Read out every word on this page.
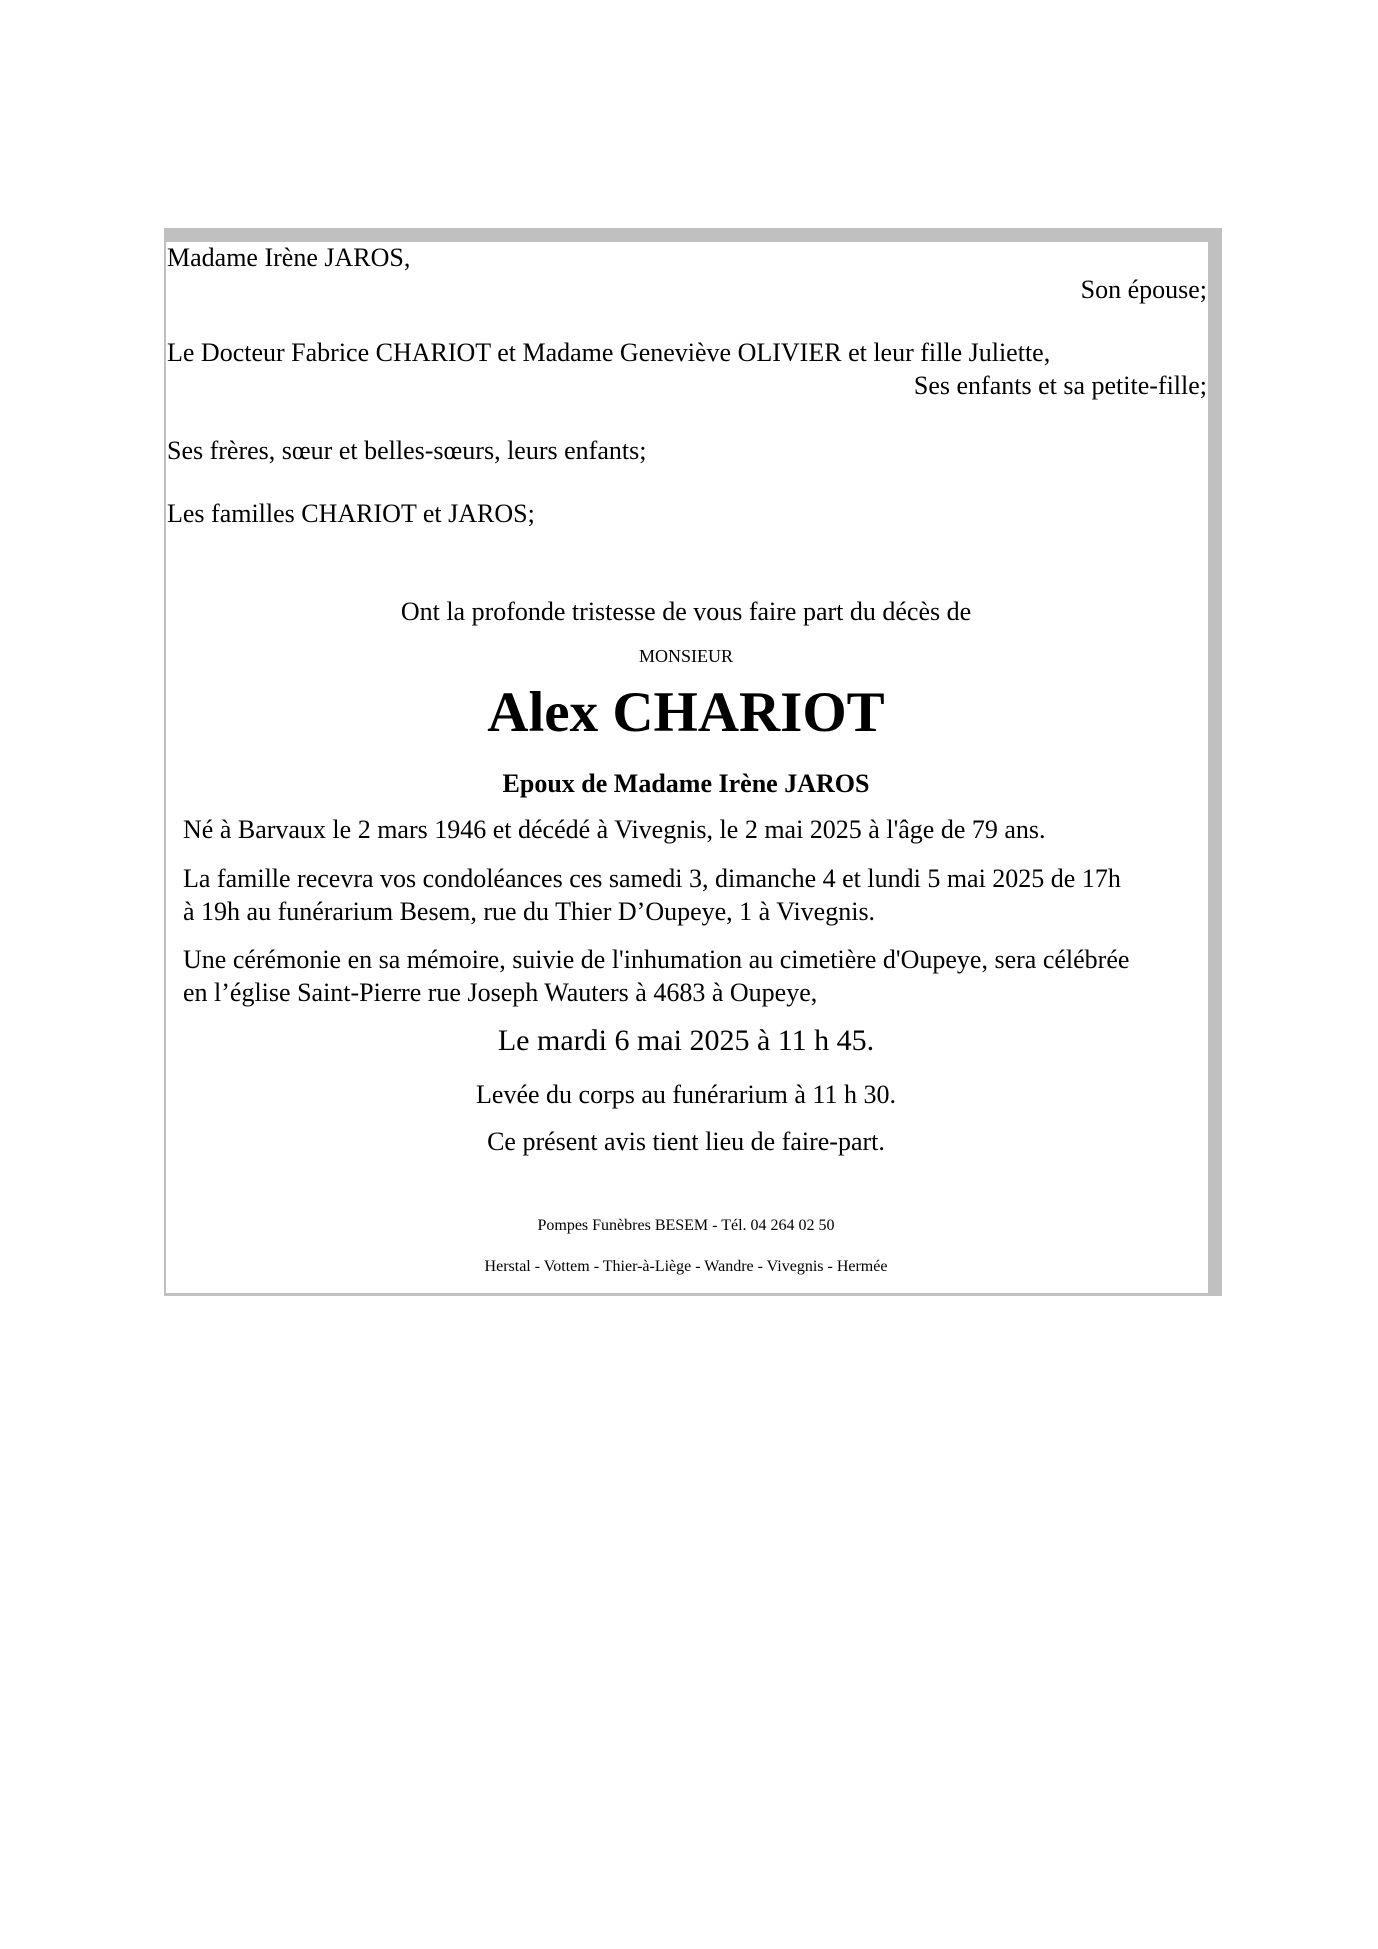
Madame Irène JAROS,
Son épouse;
Le Docteur Fabrice CHARIOT et Madame Geneviève OLIVIER et leur fille Juliette,
Ses enfants et sa petite-fille;
Ses frères, sœur et belles-sœurs, leurs enfants;
Les familles CHARIOT et JAROS;
Ont la profonde tristesse de vous faire part du décès de
MONSIEUR
Alex CHARIOT
Epoux de Madame Irène JAROS
Né à Barvaux le 2 mars 1946 et décédé à Vivegnis, le 2 mai 2025 à l'âge de 79 ans.
La famille recevra vos condoléances ces samedi 3, dimanche 4 et lundi 5 mai 2025 de 17h
à 19h au funérarium Besem, rue du Thier D’Oupeye, 1 à Vivegnis.
Une cérémonie en sa mémoire, suivie de l'inhumation au cimetière d'Oupeye, sera célébrée
en l’église Saint-Pierre rue Joseph Wauters à 4683 à Oupeye,
Le mardi 6 mai 2025 à 11 h 45.
Levée du corps au funérarium à 11 h 30.
Ce présent avis tient lieu de faire-part.
Pompes Funèbres BESEM - Tél. 04 264 02 50
Herstal - Vottem - Thier-à-Liège - Wandre - Vivegnis - Hermée
